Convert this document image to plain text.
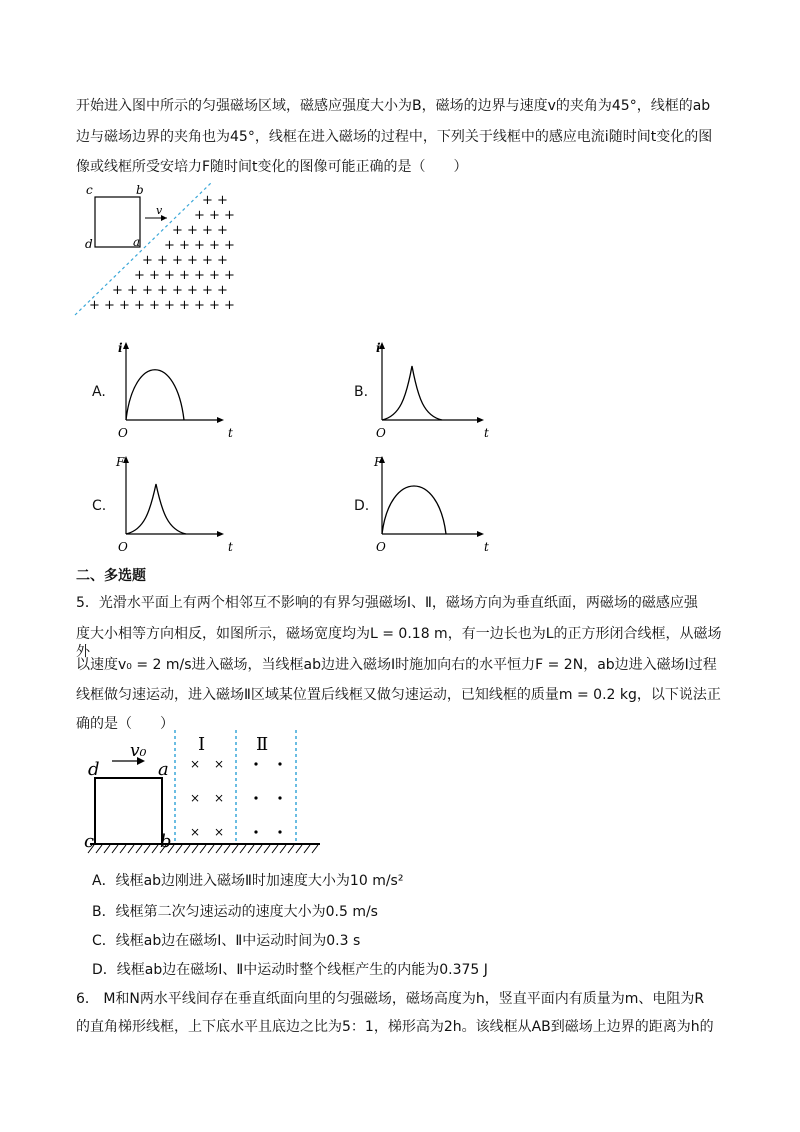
开始进入图中所示的匀强磁场区域，磁感应强度大小为B，磁场的边界与速度v的夹角为45°，线框的ab
边与磁场边界的夹角也为45°，线框在进入磁场的过程中，下列关于线框中的感应电流i随时间t变化的图
像或线框所受安培力F随时间t变化的图像可能正确的是（　　）
+ +
+ + +
+ + + +
+ + + + +
+ + + + + +
+ + + + + + +
+ + + + + + + +
+ + + + + + + + + +
c	b
d	a
v
A.
i
O	t
B.
i
O	t
C.
F
O	t
D.
F
O	t
二、多选题
5．光滑水平面上有两个相邻互不影响的有界匀强磁场Ⅰ、Ⅱ，磁场方向为垂直纸面，两磁场的磁感应强
度大小相等方向相反，如图所示，磁场宽度均为L = 0.18 m，有一边长也为L的正方形闭合线框，从磁场外
以速度v₀ = 2 m/s进入磁场，当线框ab边进入磁场Ⅰ时施加向右的水平恒力F = 2N，ab边进入磁场Ⅰ过程
线框做匀速运动，进入磁场Ⅱ区域某位置后线框又做匀速运动，已知线框的质量m = 0.2 kg，以下说法正
确的是（　　）
v₀
d	a
c	b
Ⅰ	Ⅱ
× ×
× ×
× ×
A．线框ab边刚进入磁场Ⅱ时加速度大小为10 m/s²
B．线框第二次匀速运动的速度大小为0.5 m/s
C．线框ab边在磁场Ⅰ、Ⅱ中运动时间为0.3 s
D．线框ab边在磁场Ⅰ、Ⅱ中运动时整个线框产生的内能为0.375 J
6． M和N两水平线间存在垂直纸面向里的匀强磁场，磁场高度为h，竖直平面内有质量为m、电阻为R
的直角梯形线框，上下底水平且底边之比为5：1，梯形高为2h。该线框从AB到磁场上边界的距离为h的
